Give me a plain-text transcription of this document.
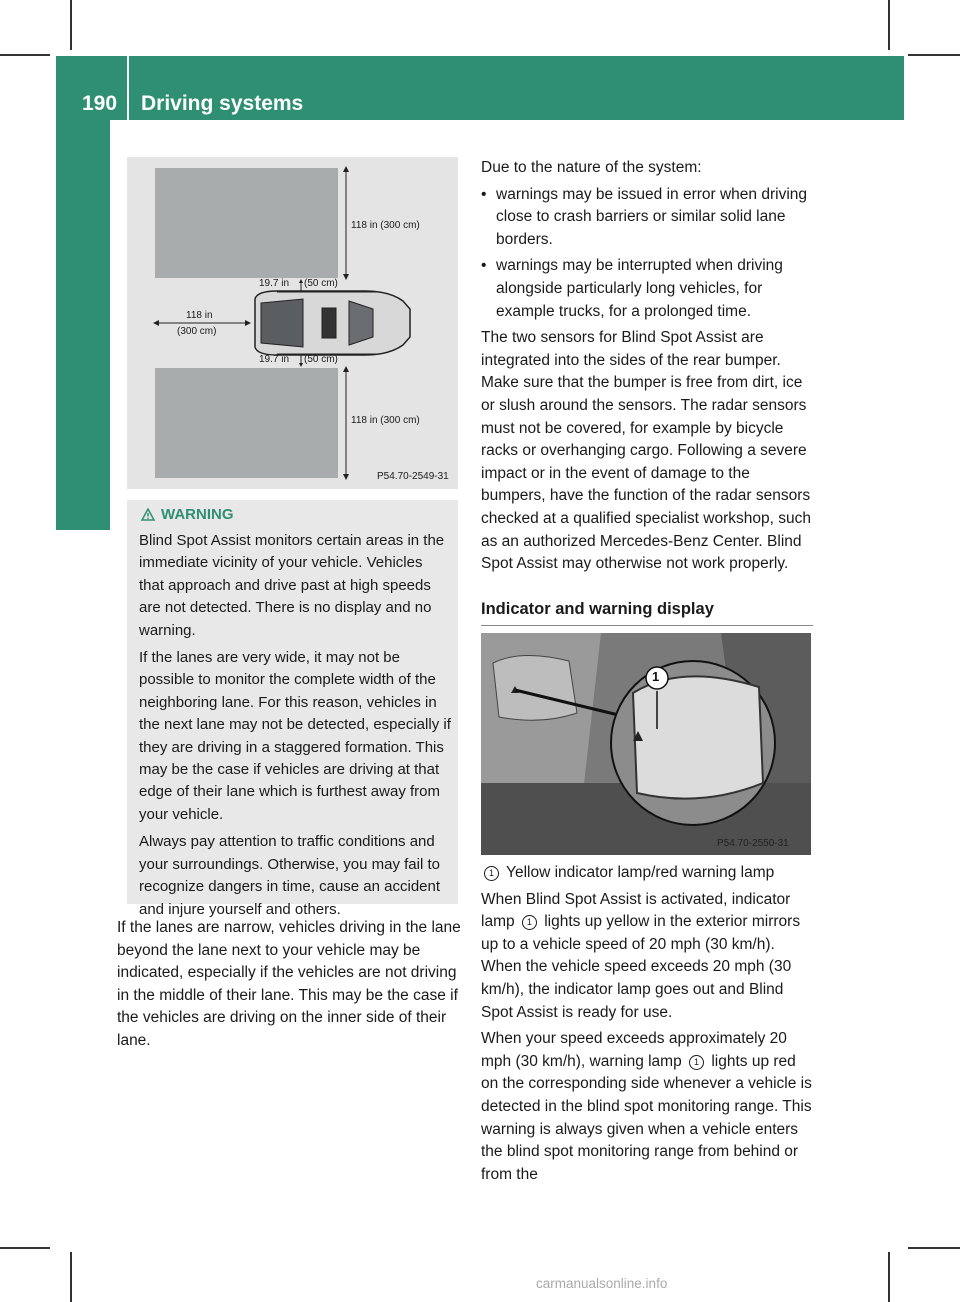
190 Driving systems
Driving and parking
118 in (300 cm)
19.7 in (50 cm)
118 in
(300 cm)
19.7 in (50 cm)
118 in (300 cm)
P54.70-2549-31
WARNING

Blind Spot Assist monitors certain areas in the immediate vicinity of your vehicle. Vehicles that approach and drive past at high speeds are not detected. There is no display and no warning.

If the lanes are very wide, it may not be possible to monitor the complete width of the neighboring lane. For this reason, vehicles in the next lane may not be detected, especially if they are driving in a staggered formation. This may be the case if vehicles are driving at that edge of their lane which is furthest away from your vehicle.

Always pay attention to traffic conditions and your surroundings. Otherwise, you may fail to recognize dangers in time, cause an accident and injure yourself and others.

If the lanes are narrow, vehicles driving in the lane beyond the lane next to your vehicle may be indicated, especially if the vehicles are not driving in the middle of their lane. This may be the case if the vehicles are driving on the inner side of their lane.

Due to the nature of the system:

• warnings may be issued in error when driving close to crash barriers or similar solid lane borders.
• warnings may be interrupted when driving alongside particularly long vehicles, for example trucks, for a prolonged time.

The two sensors for Blind Spot Assist are integrated into the sides of the rear bumper. Make sure that the bumper is free from dirt, ice or slush around the sensors. The radar sensors must not be covered, for example by bicycle racks or overhanging cargo. Following a severe impact or in the event of damage to the bumpers, have the function of the radar sensors checked at a qualified specialist workshop, such as an authorized Mercedes-Benz Center. Blind Spot Assist may otherwise not work properly.

Indicator and warning display
1
P54.70-2550-31

1 Yellow indicator lamp/red warning lamp

When Blind Spot Assist is activated, indicator lamp 1 lights up yellow in the exterior mirrors up to a vehicle speed of 20 mph (30 km/h). When the vehicle speed exceeds 20 mph (30 km/h), the indicator lamp goes out and Blind Spot Assist is ready for use.

When your speed exceeds approximately 20 mph (30 km/h), warning lamp 1 lights up red on the corresponding side whenever a vehicle is detected in the blind spot monitoring range. This warning is always given when a vehicle enters the blind spot monitoring range from behind or from the

carmanualsonline.info
